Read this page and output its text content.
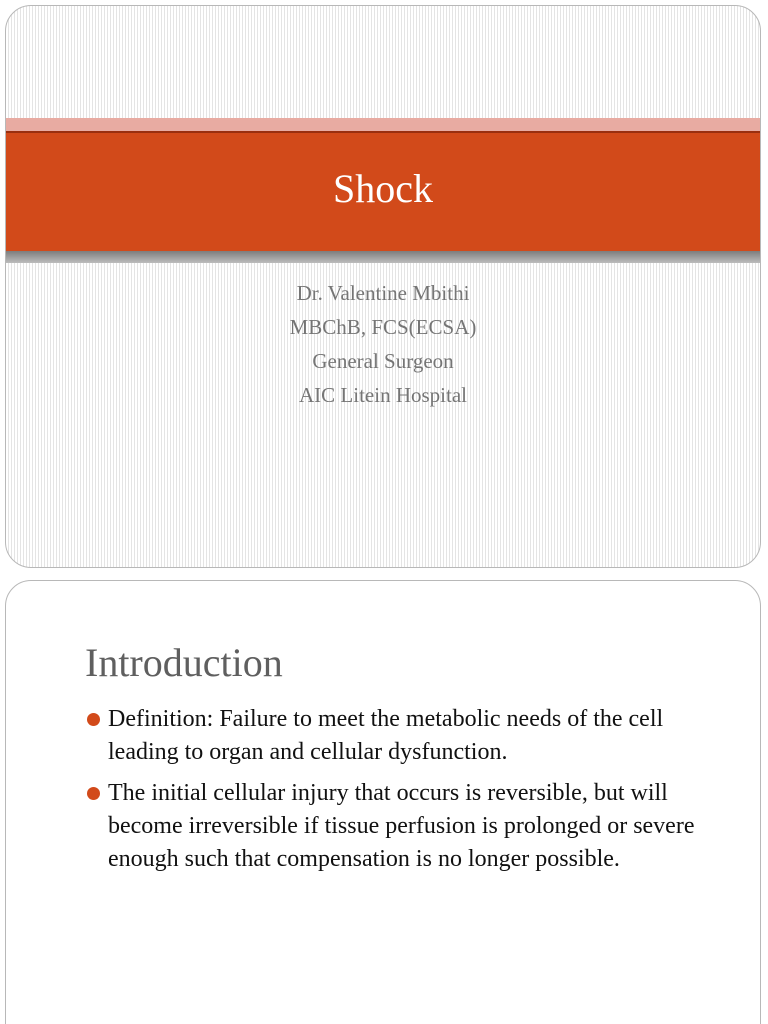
Shock
Dr. Valentine Mbithi
MBChB, FCS(ECSA)
General Surgeon
AIC Litein Hospital
Introduction
Definition: Failure to meet the metabolic needs of the cell leading to organ and cellular dysfunction.
The initial cellular injury that occurs is reversible, but will become irreversible if tissue perfusion is prolonged or severe enough such that compensation is no longer possible.
